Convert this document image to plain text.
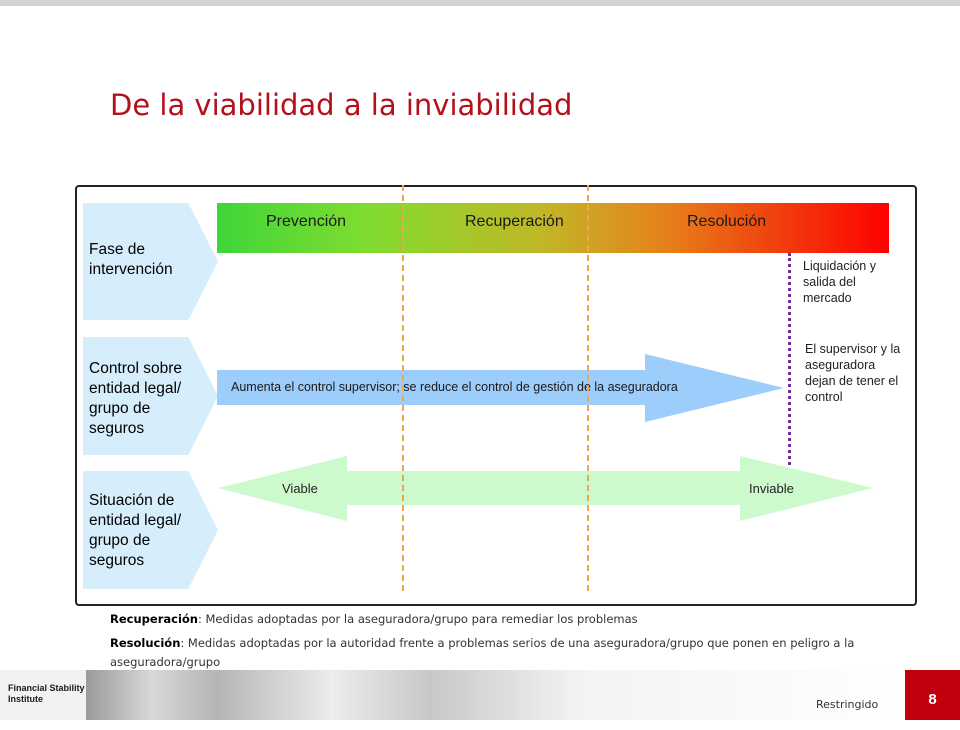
De la viabilidad a la inviabilidad
Fase de intervención
Control sobre entidad legal/ grupo de seguros
Situación de entidad legal/ grupo de seguros
Prevención	Recuperación	Resolución
Aumenta el control supervisor; se reduce el control de gestión de la aseguradora
Viable	Inviable
Liquidación y salida del mercado
El supervisor y la aseguradora dejan de tener el control
Recuperación: Medidas adoptadas por la aseguradora/grupo para remediar los problemas
Resolución: Medidas adoptadas por la autoridad frente a problemas serios de una aseguradora/grupo que ponen en peligro a la aseguradora/grupo
Financial Stability
Institute	Restringido	8
